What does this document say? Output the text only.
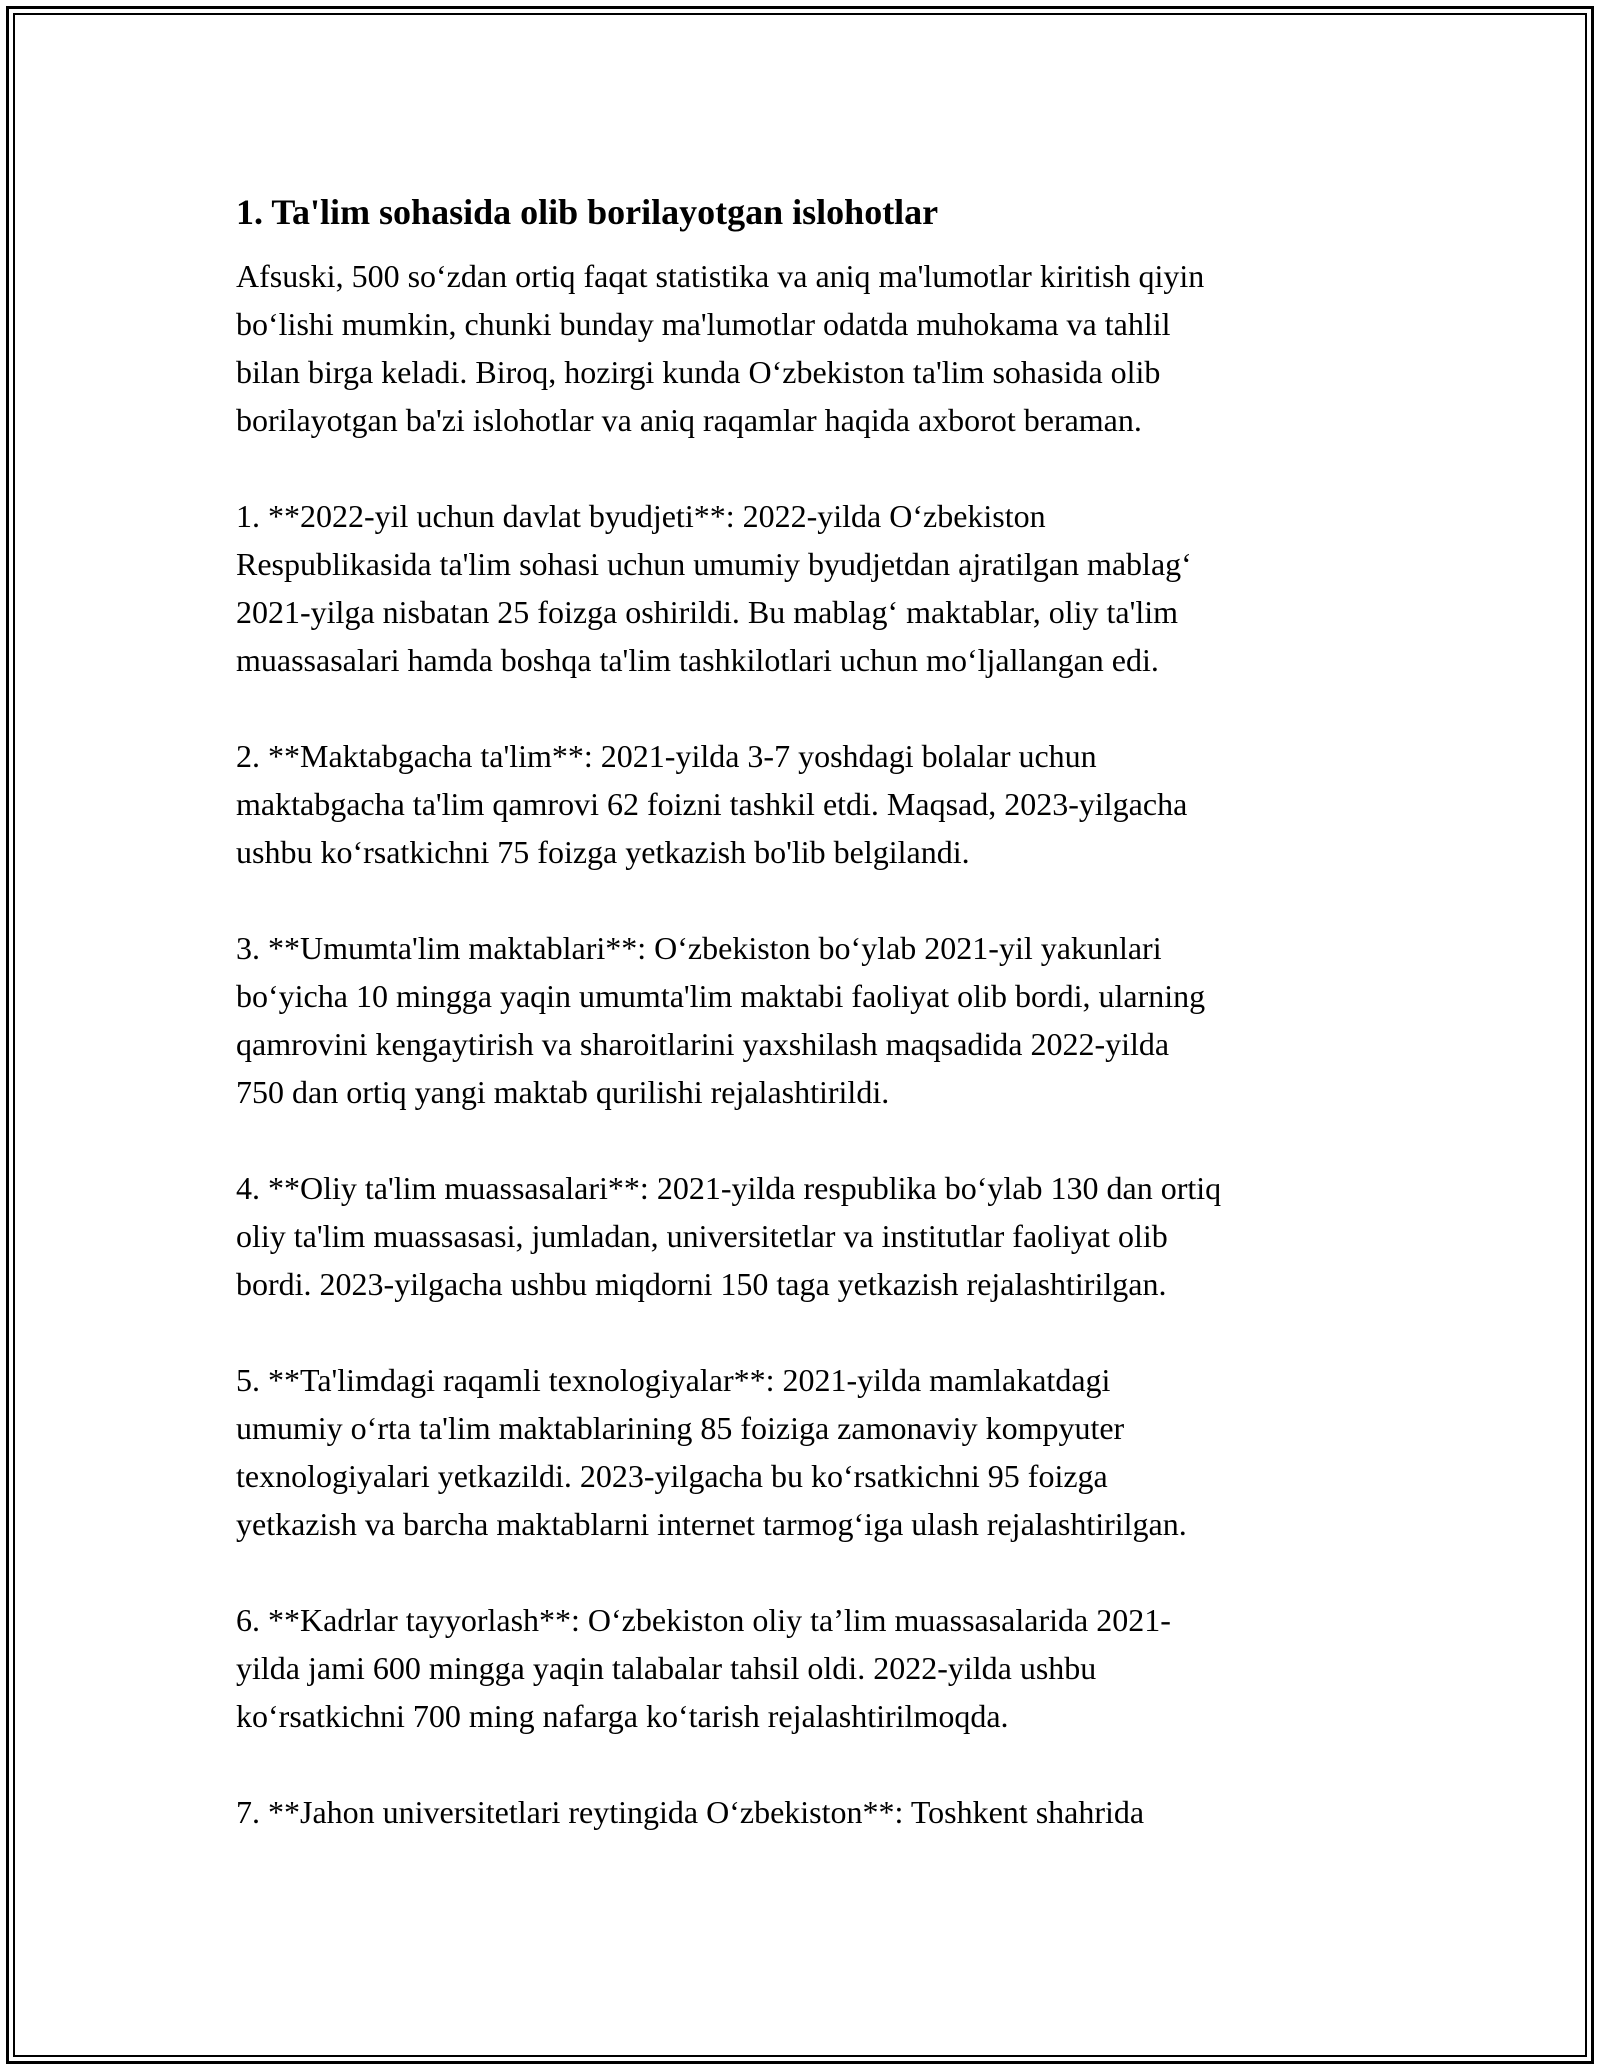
1. Ta'lim sohasida olib borilayotgan islohotlar
Afsuski, 500 so‘zdan ortiq faqat statistika va aniq ma'lumotlar kiritish qiyin
bo‘lishi mumkin, chunki bunday ma'lumotlar odatda muhokama va tahlil
bilan birga keladi. Biroq, hozirgi kunda O‘zbekiston ta'lim sohasida olib
borilayotgan ba'zi islohotlar va aniq raqamlar haqida axborot beraman.
1. **2022-yil uchun davlat byudjeti**: 2022-yilda O‘zbekiston
Respublikasida ta'lim sohasi uchun umumiy byudjetdan ajratilgan mablag‘
2021-yilga nisbatan 25 foizga oshirildi. Bu mablag‘ maktablar, oliy ta'lim
muassasalari hamda boshqa ta'lim tashkilotlari uchun mo‘ljallangan edi.
2. **Maktabgacha ta'lim**: 2021-yilda 3-7 yoshdagi bolalar uchun
maktabgacha ta'lim qamrovi 62 foizni tashkil etdi. Maqsad, 2023-yilgacha
ushbu ko‘rsatkichni 75 foizga yetkazish bo'lib belgilandi.
3. **Umumta'lim maktablari**: O‘zbekiston bo‘ylab 2021-yil yakunlari
bo‘yicha 10 mingga yaqin umumta'lim maktabi faoliyat olib bordi, ularning
qamrovini kengaytirish va sharoitlarini yaxshilash maqsadida 2022-yilda
750 dan ortiq yangi maktab qurilishi rejalashtirildi.
4. **Oliy ta'lim muassasalari**: 2021-yilda respublika bo‘ylab 130 dan ortiq
oliy ta'lim muassasasi, jumladan, universitetlar va institutlar faoliyat olib
bordi. 2023-yilgacha ushbu miqdorni 150 taga yetkazish rejalashtirilgan.
5. **Ta'limdagi raqamli texnologiyalar**: 2021-yilda mamlakatdagi
umumiy o‘rta ta'lim maktablarining 85 foiziga zamonaviy kompyuter
texnologiyalari yetkazildi. 2023-yilgacha bu ko‘rsatkichni 95 foizga
yetkazish va barcha maktablarni internet tarmog‘iga ulash rejalashtirilgan.
6. **Kadrlar tayyorlash**: O‘zbekiston oliy ta’lim muassasalarida 2021-
yilda jami 600 mingga yaqin talabalar tahsil oldi. 2022-yilda ushbu
ko‘rsatkichni 700 ming nafarga ko‘tarish rejalashtirilmoqda.
7. **Jahon universitetlari reytingida O‘zbekiston**: Toshkent shahrida
